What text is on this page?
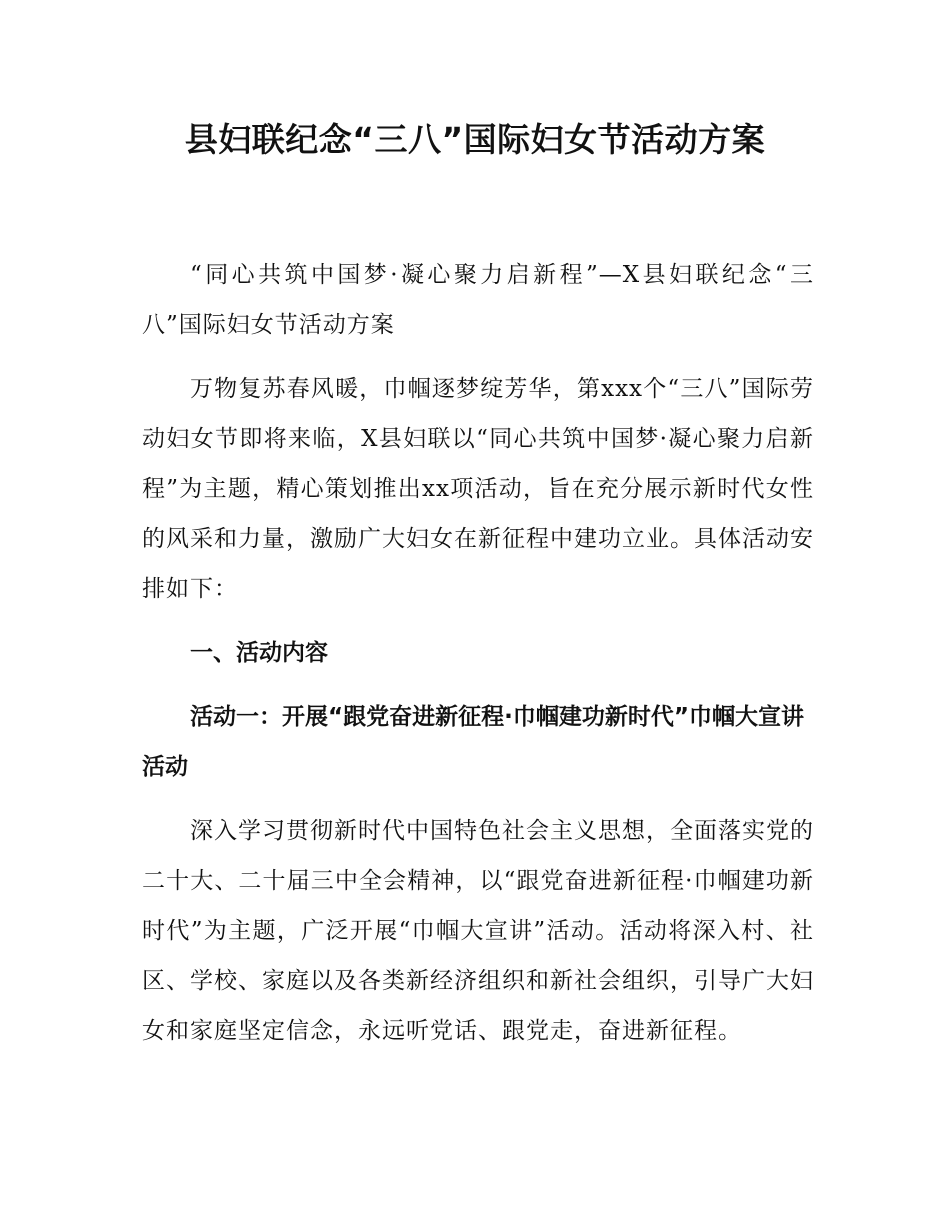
县妇联纪念“三八”国际妇女节活动方案

“同心共筑中国梦·凝心聚力启新程”—X县妇联纪念“三八”国际妇女节活动方案

万物复苏春风暖，巾帼逐梦绽芳华，第xxx个“三八”国际劳动妇女节即将来临，X县妇联以“同心共筑中国梦·凝心聚力启新程”为主题，精心策划推出xx项活动，旨在充分展示新时代女性的风采和力量，激励广大妇女在新征程中建功立业。具体活动安排如下：

一、活动内容
活动一：开展“跟党奋进新征程·巾帼建功新时代”巾帼大宣讲活动

深入学习贯彻新时代中国特色社会主义思想，全面落实党的二十大、二十届三中全会精神，以“跟党奋进新征程·巾帼建功新时代”为主题，广泛开展“巾帼大宣讲”活动。活动将深入村、社区、学校、家庭以及各类新经济组织和新社会组织，引导广大妇女和家庭坚定信念，永远听党话、跟党走，奋进新征程。
